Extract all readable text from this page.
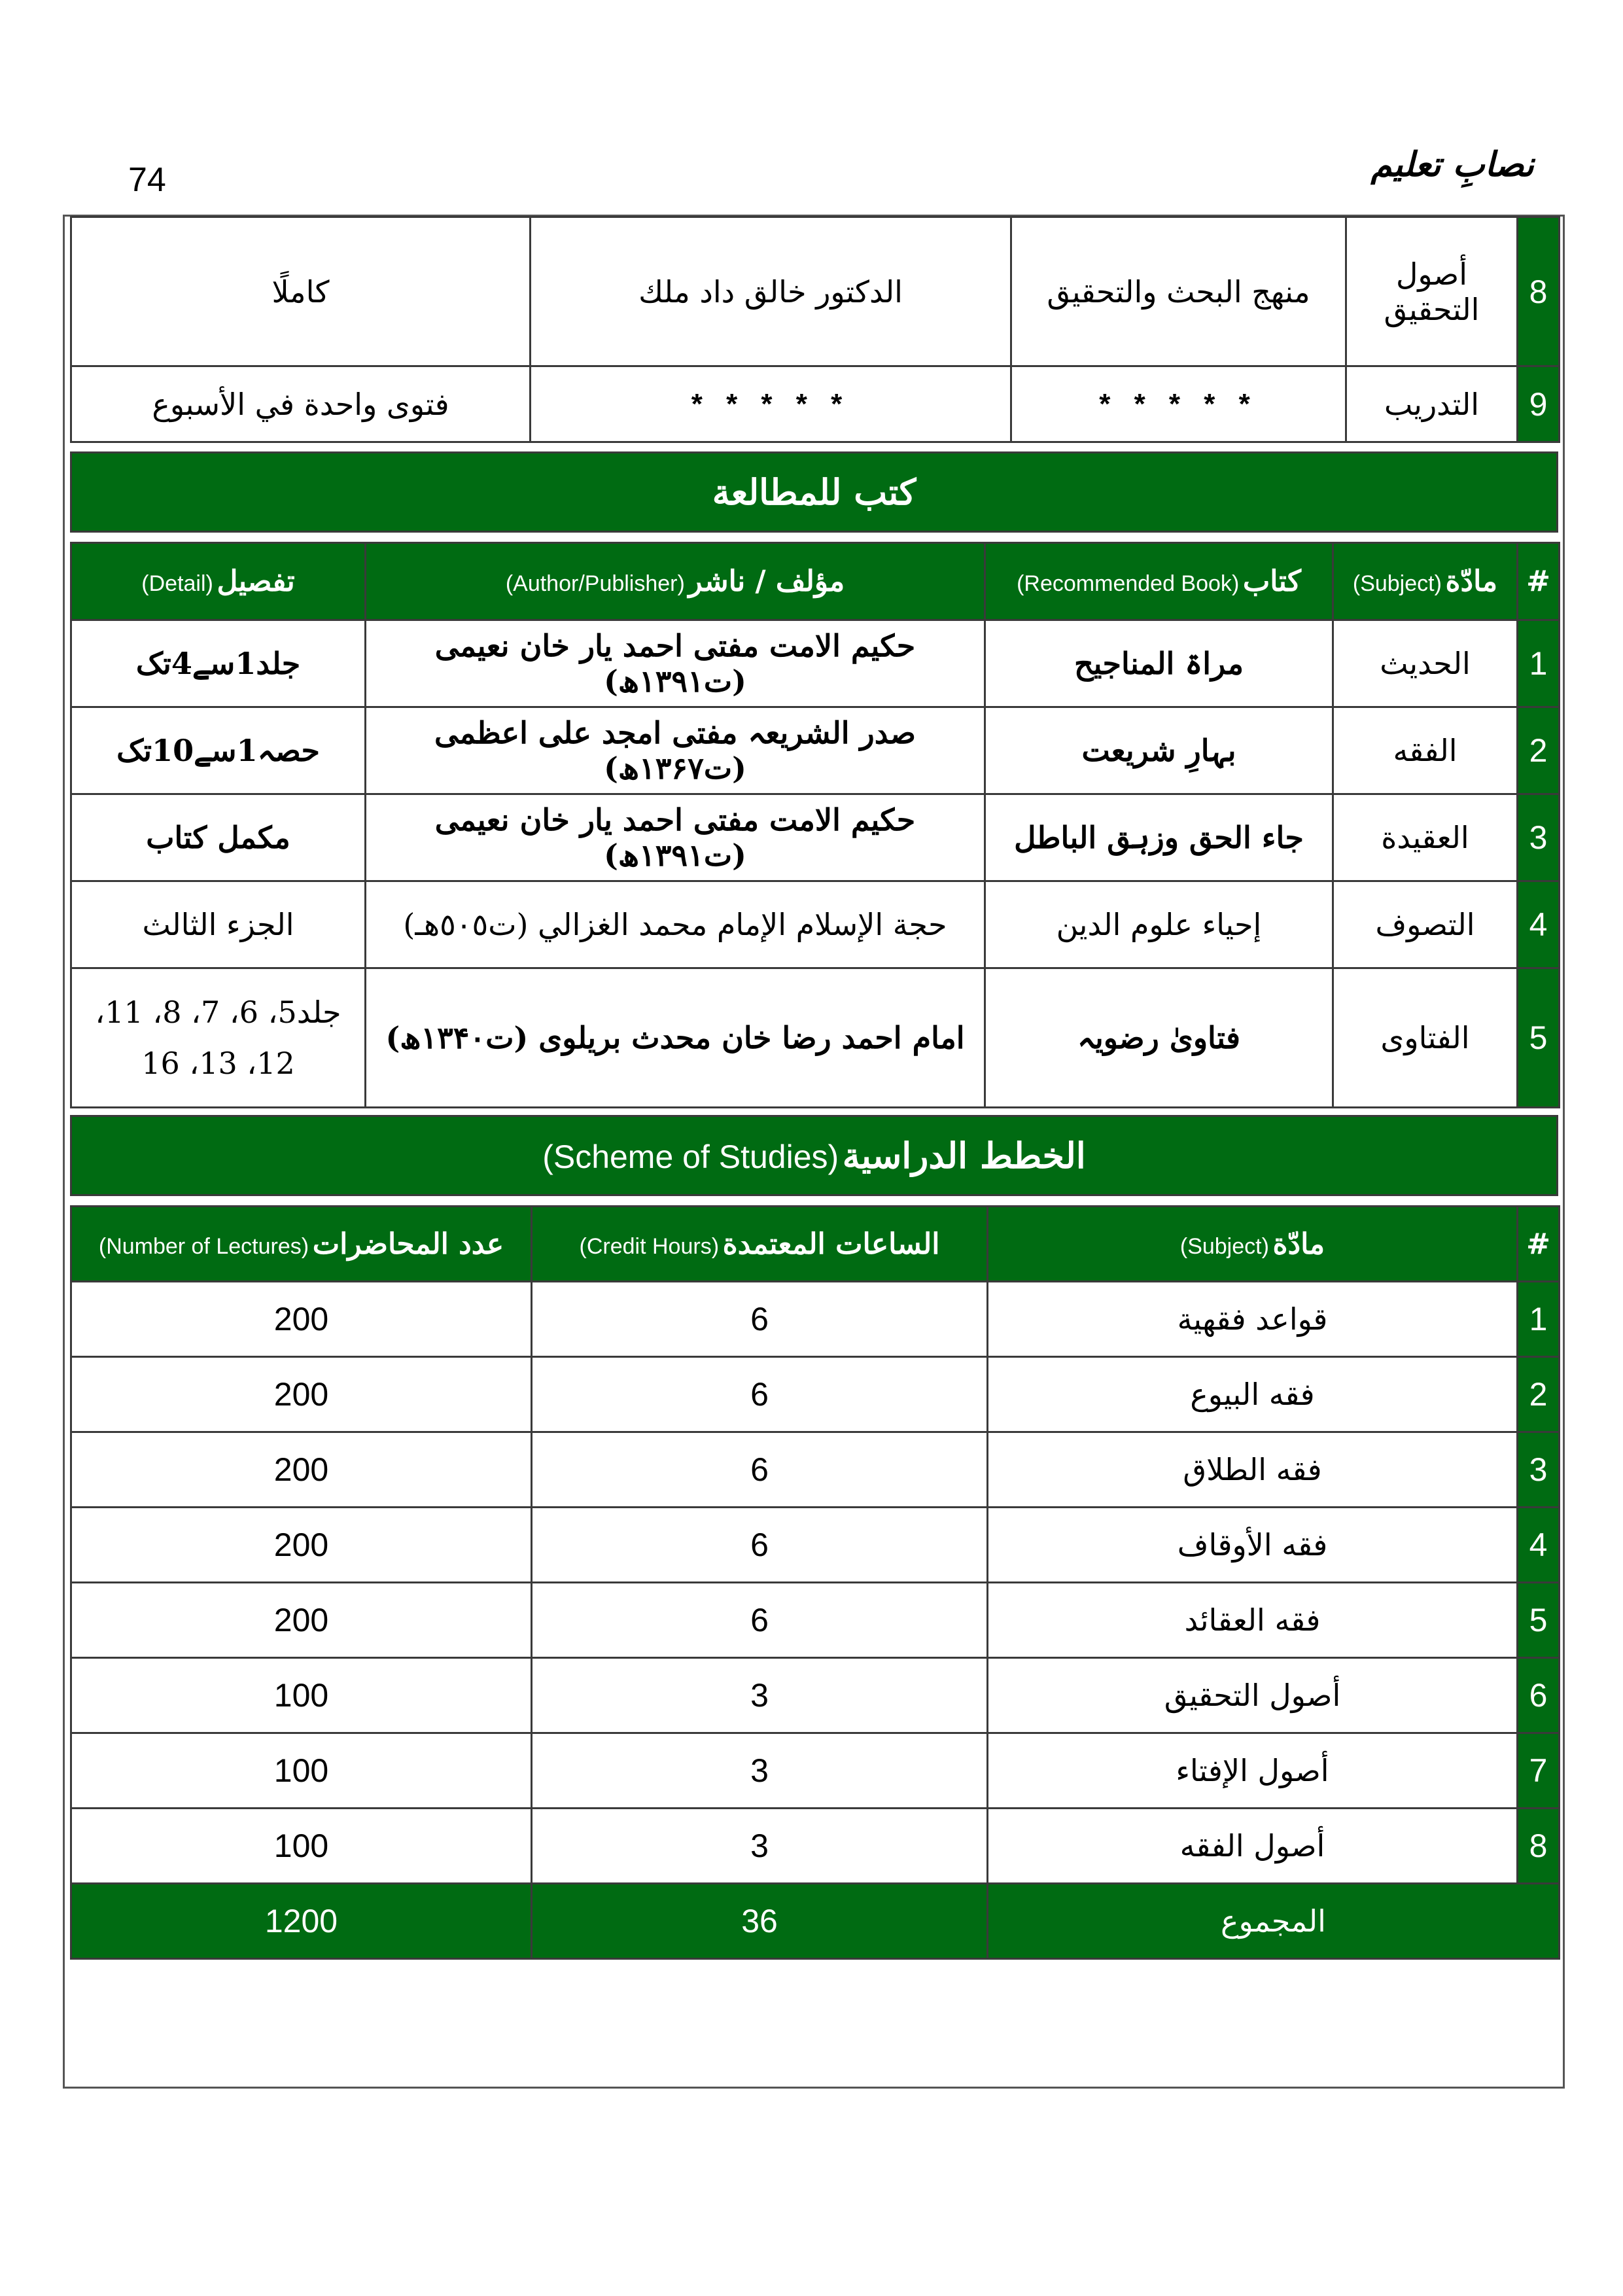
74	نصابِ تعلیم
8	أصول التحقيق	منهج البحث والتحقيق	الدكتور خالق داد ملك	كاملًا
9	التدريب	* * * * *	* * * * *	فتوى واحدة في الأسبوع
كتب للمطالعة
#	مادّة (Subject)	كتاب (Recommended Book)	مؤلف / ناشر (Author/Publisher)	تفصيل (Detail)
1	الحديث	مراۃ المناجیح	حکیم الامت مفتی احمد یار خان نعیمی (ت۱۳۹۱ھ)	جلد1سے4تک
2	الفقه	بہارِ شریعت	صدر الشریعہ مفتی امجد علی اعظمی (ت۱۳۶۷ھ)	حصہ1سے10تک
3	العقيدة	جاء الحق وزہق الباطل	حکیم الامت مفتی احمد یار خان نعیمی (ت۱۳۹۱ھ)	مکمل کتاب
4	التصوف	إحياء علوم الدين	حجة الإسلام الإمام محمد الغزالي (ت٥٠٥هـ)	الجزء الثالث
5	الفتاوى	فتاویٰ رضویہ	امام احمد رضا خان محدث بریلوی (ت۱۳۴۰ھ)	جلد5، 6، 7، 8، 11،
12، 13، 16
الخطط الدراسية (Scheme of Studies)
#	مادّة (Subject)	الساعات المعتمدة (Credit Hours)	عدد المحاضرات (Number of Lectures)
1	قواعد فقهية	6	200
2	فقه البيوع	6	200
3	فقه الطلاق	6	200
4	فقه الأوقاف	6	200
5	فقه العقائد	6	200
6	أصول التحقيق	3	100
7	أصول الإفتاء	3	100
8	أصول الفقه	3	100
المجموع		36	1200
